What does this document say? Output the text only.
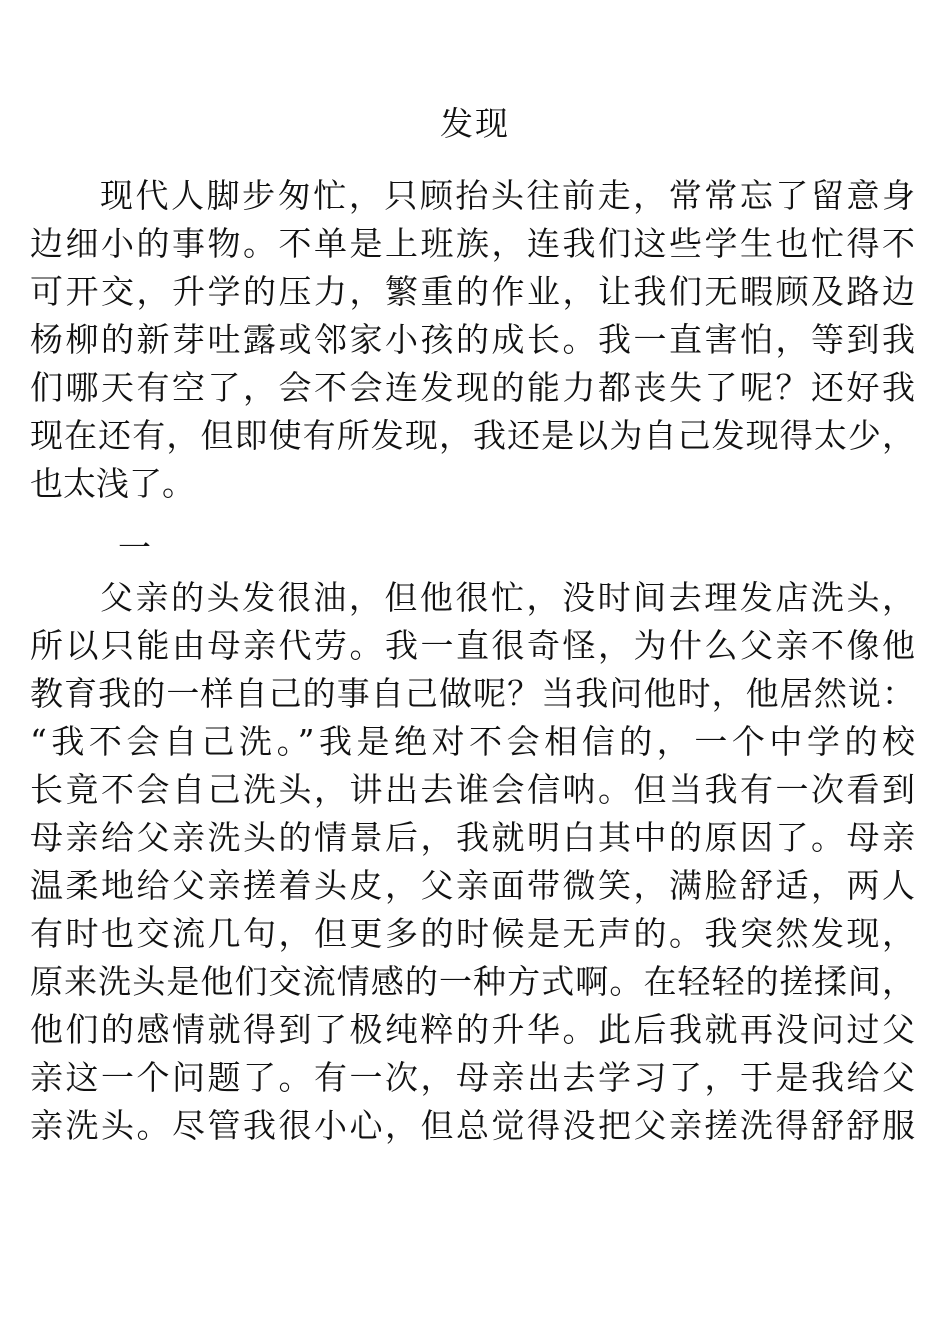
发现
现代人脚步匆忙，只顾抬头往前走，常常忘了留意身
边细小的事物。不单是上班族，连我们这些学生也忙得不
可开交，升学的压力，繁重的作业，让我们无暇顾及路边
杨柳的新芽吐露或邻家小孩的成长。我一直害怕，等到我
们哪天有空了，会不会连发现的能力都丧失了呢？还好我
现在还有，但即使有所发现，我还是以为自己发现得太少，
也太浅了。
一
父亲的头发很油，但他很忙，没时间去理发店洗头，
所以只能由母亲代劳。我一直很奇怪，为什么父亲不像他
教育我的一样自己的事自己做呢？当我问他时，他居然说：
“我不会自己洗。”我是绝对不会相信的，一个中学的校
长竟不会自己洗头，讲出去谁会信呐。但当我有一次看到
母亲给父亲洗头的情景后，我就明白其中的原因了。母亲
温柔地给父亲搓着头皮，父亲面带微笑，满脸舒适，两人
有时也交流几句，但更多的时候是无声的。我突然发现，
原来洗头是他们交流情感的一种方式啊。在轻轻的搓揉间，
他们的感情就得到了极纯粹的升华。此后我就再没问过父
亲这一个问题了。有一次，母亲出去学习了，于是我给父
亲洗头。尽管我很小心，但总觉得没把父亲搓洗得舒舒服
